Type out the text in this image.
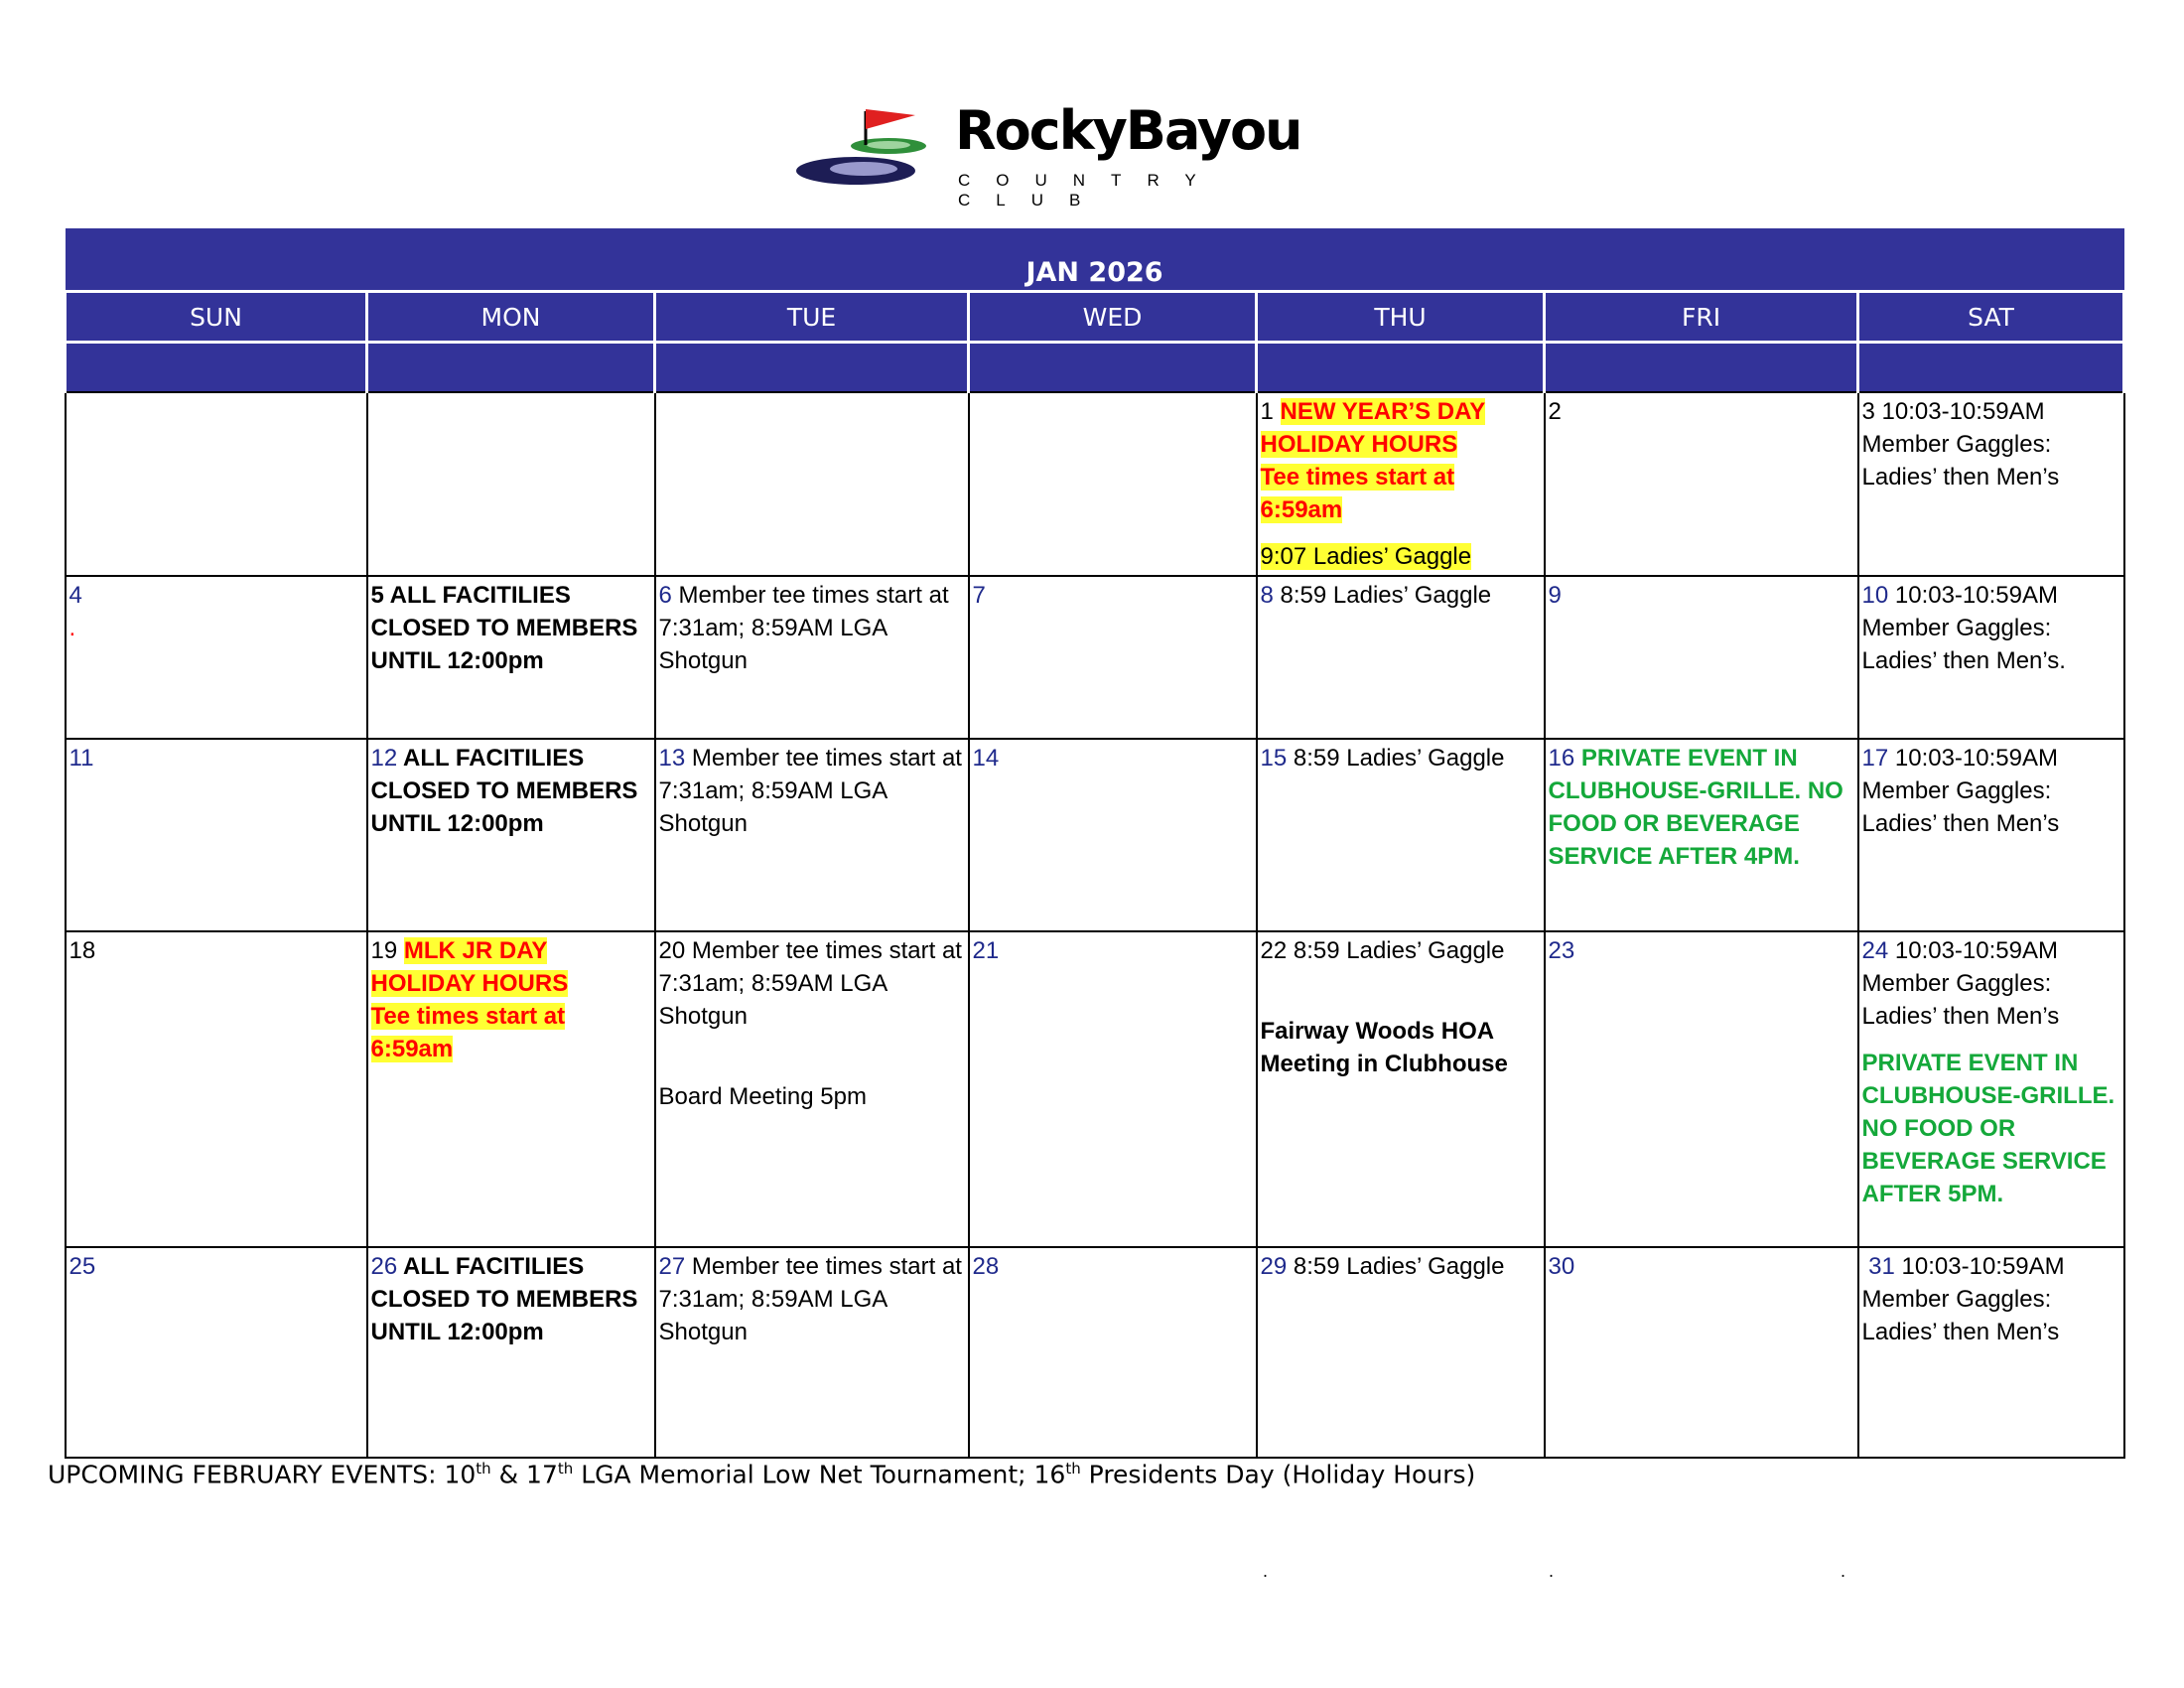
RockyBayou
COUNTRY CLUB
JAN 2026						
SUN	MON	TUE	WED	THU	FRI	SAT

				1 NEW YEAR’S DAY
HOLIDAY HOURS
Tee times start at 6:59am
9:07 Ladies’ Gaggle	2	3 10:03-10:59AM Member Gaggles: Ladies’ then Men’s

4
.	5 ALL FACITILIES CLOSED TO MEMBERS UNTIL 12:00pm	6 Member tee times start at 7:31am; 8:59AM LGA Shotgun	7	8 8:59 Ladies’ Gaggle	9	10 10:03-10:59AM Member Gaggles: Ladies’ then Men’s.

11	12 ALL FACITILIES CLOSED TO MEMBERS UNTIL 12:00pm	13 Member tee times start at 7:31am; 8:59AM LGA Shotgun	14	15 8:59 Ladies’ Gaggle	16 PRIVATE EVENT IN CLUBHOUSE-GRILLE. NO FOOD OR BEVERAGE SERVICE AFTER 4PM.	17 10:03-10:59AM Member Gaggles: Ladies’ then Men’s

18	19 MLK JR DAY
HOLIDAY HOURS
Tee times start at 6:59am	20 Member tee times start at 7:31am; 8:59AM LGA Shotgun
Board Meeting 5pm	21	22 8:59 Ladies’ Gaggle
Fairway Woods HOA Meeting in Clubhouse	23	24 10:03-10:59AM Member Gaggles: Ladies’ then Men’s
PRIVATE EVENT IN CLUBHOUSE-GRILLE. NO FOOD OR BEVERAGE SERVICE AFTER 5PM.

25	26 ALL FACITILIES CLOSED TO MEMBERS UNTIL 12:00pm	27 Member tee times start at 7:31am; 8:59AM LGA Shotgun	28	29 8:59 Ladies’ Gaggle	30	31 10:03-10:59AM Member Gaggles: Ladies’ then Men’s
UPCOMING FEBRUARY EVENTS: 10th & 17th LGA Memorial Low Net Tournament; 16th Presidents Day (Holiday Hours)
.	.	.
